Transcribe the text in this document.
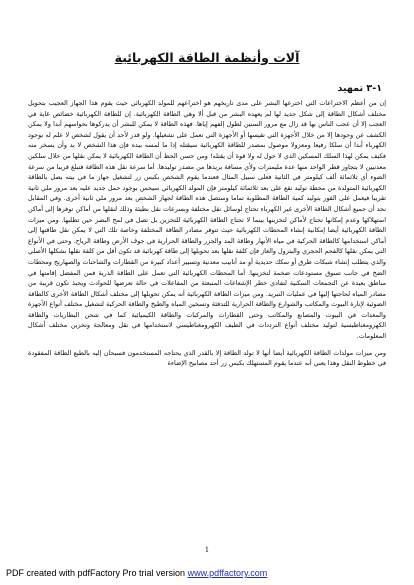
آلات وأنظمة الطاقة الكهربائية
١-٣ تمهيد

إن من أعظم الاختراعات التي اخترعها البشر على مدى تاريخهم هو اختراعهم للمولد الكهربائي حيث يقوم هذا الجهاز العجيب بتحويل مختلف أشكال الطاقة إلى شكل جديد لها لم يعهده البشر من قبل ألا وهي الطاقة الكهربائية. إن للطاقة الكهربائية خصائص غاية في العجب إلا أن عجب الناس بها قد زال مع مرور السنين لطول إلفهم إياها. فهذه الطاقة لا يمكن للبشر أن يدركوها بحواسهم أبدا ولا يمكن الكشف عن وجودها إلا من خلال الأجهزة التي تقيسها أو الأجهزة التي تعمل على تشغيلها. ولو قدر لأحد أن يقول لشخص لا علم له بوجود الكهرباء أبدا أن سلكا رفيعا ومعزولا موصول بمصدر للطاقة الكهربائية سيقتله إذا ما لمسه بيده فإن هذا الشخص لا بد وأن يسخر منه فكيف يمكن لهذا السلك المسكين الذي لا حول له ولا قوة أن يقتله! ومن حسن الحظ أن الطاقة الكهربائية لا يمكن نقلها من خلال سلكين معدنيين لا يتجاوز قطر الواحد منها عدة مليمترات ولأي مسافة بريدها من مصدر توليدها. أما سرعة نقل هذه الطاقة فتبلغ قريبا من سرعة الضوء أي ثلاثمائة ألف كيلومتر في الثانية فعلى سبيل المثال فعندما يقوم الشخص بكبس زر لتشغيل جهاز ما في بيته يصل بالطاقة الكهربائية المتولدة من محطة توليد تقع على بعد ثلاثمائة كيلومتر فإن المولد الكهربائي سيحس بوجود حمل جديد عليه بعد مرور ملي ثانية تقريبا فيعمل على الفور بتوليد كمية الطاقة المطلوبة تماما وستصل هذه الطاقة لجهاز الشخص بعد مرور ملي ثانية أخرى. وفي المقابل نجد أن جميع أشكال الطاقة الأخرى غير الكهرباء تحتاج لوسائل نقل مختلفة وبسرعات نقل بطيئة وذلك لنقلها من أماكن توفرها إلى أماكن استهلاكها وعدم إمكانها تحتاج لأماكن لتخزينها بينما لا تحتاج الطاقة الكهربائية للتخزين بل تصل في لمح البصر حين تطلبها. ومن ميزات الطاقة الكهربائية أيضا إمكانية إنشاء المحطات الكهربائية حيث تتوفر مصادر الطاقة المختلفة وخاصة تلك التي لا يمكن نقل طاقتها إلى أماكن استخدامها كالطاقة الحركية في مياه الأنهار وطاقة المد والجزر والطاقة الحرارية في جوف الأرض وطاقة الرياح. وحتى في الأنواع التي يمكن نقلها كالفحم الحجري والبترول والغاز فإن كلفة نقلها بعد تحويلها إلى طاقة كهربائية قد تكون أقل من كلفة نقلها بشكلها الأصلي والذي يتطلب إنشاء شبكات طرق أو سكك حديدية أو مد أنابيب معدنية وتسيير أعداد كبيرة من القطارات والشاحنات والصهاريج ومحطات الضخ في جانب تسوق مستودعات ضخمة لتخزينها. أما المحطات الكهربائية التي تعمل على الطاقة الذرية فمن المفضل إقامتها في مناطق بعيدة عن التجمعات السكنية لتفادي خطر الإشعاعات المنبعثة من المفاعلات في حالة تعرضها للحوادث ويحبذ تكون قريبة من مصادر المياه لحاجتها إليها في عمليات التبريد. ومن ميزات الطاقة الكهربائية أنه يمكن تحويلها إلى مختلف أشكال الطاقة الأخرى كالطاقة الضوئية لإنارة البيوت والمكاتب والشوارع والطاقة الحرارية للتدفئة وتسخين المياه والطبخ والطاقة الحركية لتشغيل مختلف أنواع الأجهزة والمعدات في البيوت والمصانع والمكاتب وحتى القطارات والمركبات والطاقة الكيميائية كما في شحن البطاريات والطاقة الكهرومغناطيسية لتوليد مختلف أنواع الترددات في الطيف الكهرومغناطيسي لاستخدامها في نقل ومعالجة وتخزين مختلف أشكال المعلومات.

ومن ميزات مولدات الطاقة الكهربائية أيضا أنها لا تولد الطاقة إلا بالقدر الذي يحتاجه المستخدمون فسبحان إليه بالطبع الطاقة المفقودة في خطوط النقل وهذا يعني أنه عندما يقوم المستهلك بكبس زر أحد مصابيح الإضاءة

1
PDF created with pdfFactory Pro trial version www.pdffactory.com
